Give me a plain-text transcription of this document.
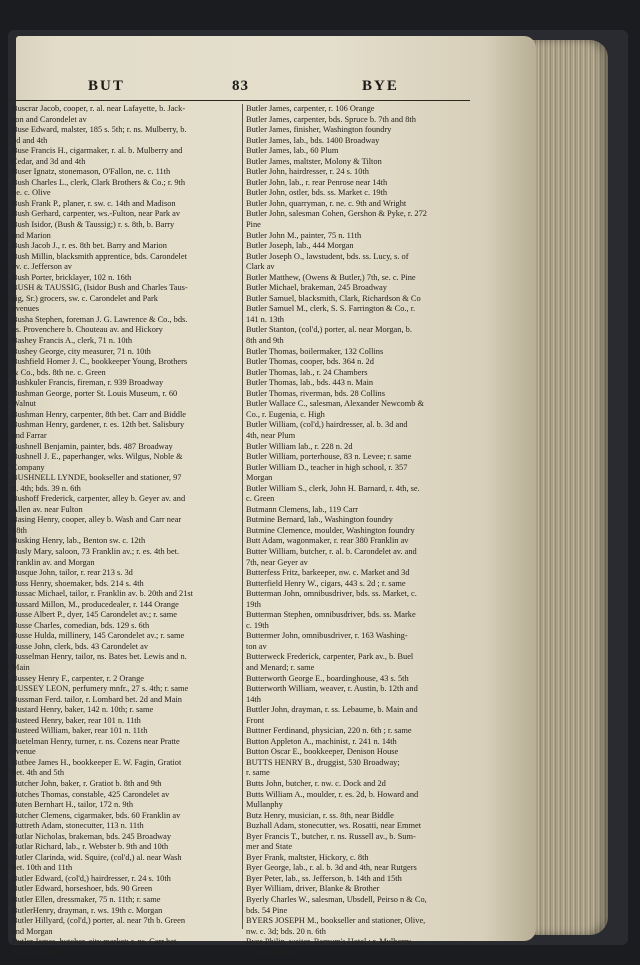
BUT	83	BYE
Buscrar Jacob, cooper, r. al. near Lafayette, b. Jack-
son and Carondelet av
Buse Edward, malster, 185 s. 5th; r. ns. Mulberry, b.
3d and 4th
Buse Francis H., cigarmaker, r. al. b. Mulberry and
Cedar, and 3d and 4th
Buser Ignatz, stonemason, O'Fallon, ne. c. 11th
Bush Charles L., clerk, Clark Brothers & Co.; r. 9th
ne. c. Olive
Bush Frank P., planer, r. sw. c. 14th and Madison
Bush Gerhard, carpenter, ws.-Fulton, near Park av
Bush Isidor, (Bush & Taussig;) r. s. 8th, b. Barry
and Marion
Bush Jacob J., r. es. 8th bet. Barry and Marion
Bush Millin, blacksmith apprentice, bds. Carondelet
av. c. Jefferson av
Bush Porter, bricklayer, 102 n. 16th
BUSH & TAUSSIG, (Isidor Bush and Charles Taus-
sig, Sr.) grocers, sw. c. Carondelet and Park
avenues
Busha Stephen, foreman J. G. Lawrence & Co., bds.
es. Provenchere b. Chouteau av. and Hickory
Bashey Francis A., clerk, 71 n. 10th
Bushey George, city measurer, 71 n. 10th
Bushfield Homer J. C., bookkeeper Young, Brothers
& Co., bds. 8th ne. c. Green
Bushkuler Francis, fireman, r. 939 Broadway
Bushman George, porter St. Louis Museum, r. 60
Walnut
Bushman Henry, carpenter, 8th bet. Carr and Biddle
Bushman Henry, gardener, r. es. 12th bet. Salisbury
and Farrar
Bushnell Benjamin, painter, bds. 487 Broadway
Bushnell J. E., paperhanger, wks. Wilgus, Noble &
Company
BUSHNELL LYNDE, bookseller and stationer, 97
n. 4th; bds. 39 n. 6th
Bushoff Frederick, carpenter, alley b. Geyer av. and
Allen av. near Fulton
Basing Henry, cooper, alley b. Wash and Carr near
18th
Busking Henry, lab., Benton sw. c. 12th
Busly Mary, saloon, 73 Franklin av.; r. es. 4th bet.
Franklin av. and Morgan
Busque John, tailor, r. rear 213 s. 3d
Buss Henry, shoemaker, bds. 214 s. 4th
Bussac Michael, tailor, r. Franklin av. b. 20th and 21st
Bussard Millon, M., producedealer, r. 144 Orange
Busse Albert P., dyer, 145 Carondelet av.; r. same
Busse Charles, comedian, bds. 129 s. 6th
Busse Hulda, millinery, 145 Carondelet av.; r. same
Busse John, clerk, bds. 43 Carondelet av
Busselman Henry, tailor, ns. Bates bet. Lewis and n.
Main
Bussey Henry F., carpenter, r. 2 Orange
BUSSEY LEON, perfumery mnfr., 27 s. 4th; r. same
Bussman Ferd. tailor, r. Lombard bet. 2d and Main
Bustard Henry, baker, 142 n. 10th; r. same
Busteed Henry, baker, rear 101 n. 11th
Busteed William, baker, rear 101 n. 11th
Buetelman Henry, turner, r. ns. Cozens near Pratte
avenue
Butbee James H., bookkeeper E. W. Fagin, Gratiot
bet. 4th and 5th
Butcher John, baker, r. Gratiot b. 8th and 9th
Butches Thomas, constable, 425 Carondelet av
Buten Bernhart H., tailor, 172 n. 9th
Butcher Clemens, cigarmaker, bds. 60 Franklin av
Buttreth Adam, stonecutter, 113 n. 11th
Butlar Nicholas, brakeman, bds. 245 Broadway
Butlar Richard, lab., r. Webster b. 9th and 10th
Butler Clarinda, wid. Squire, (col'd,) al. near Wash
bet. 10th and 11th
Butler Edward, (col'd,) hairdresser, r. 24 s. 10th
Butler Edward, horseshoer, bds. 90 Green
Butler Ellen, dressmaker, 75 n. 11th; r. same
ButlerHenry, drayman, r. ws. 19th c. Morgan
Butler Hillyard, (col'd,) porter, al. near 7th b. Green
and Morgan
Butler James, butcher, city market; r. ns. Carr bet.
23d and 24th
Butler James, carpenter, r. 106 Orange
Butler James, carpenter, bds. Spruce b. 7th and 8th
Butler James, finisher, Washington foundry
Butler James, lab., bds. 1400 Broadway
Butler James, lab., 60 Plum
Butler James, maltster, Molony & Tilton
Butler John, hairdresser, r. 24 s. 10th
Butler John, lab., r. rear Penrose near 14th
Butler John, ostler, bds. ss. Market c. 19th
Butler John, quarryman, r. ne. c. 9th and Wright
Butler John, salesman Cohen, Gershon & Pyke, r. 272
Pine
Butler John M., painter, 75 n. 11th
Butler Joseph, lab., 444 Morgan
Butler Joseph O., lawstudent, bds. ss. Lucy, s. of
Clark av
Butler Matthew, (Owens & Butler,) 7th, se. c. Pine
Butler Michael, brakeman, 245 Broadway
Butler Samuel, blacksmith, Clark, Richardson & Co
Butler Samuel M., clerk, S. S. Farrington & Co., r.
141 n. 13th
Butler Stanton, (col'd,) porter, al. near Morgan, b.
8th and 9th
Butler Thomas, boilermaker, 132 Collins
Butler Thomas, cooper, bds. 364 n. 2d
Butler Thomas, lab., r. 24 Chambers
Butler Thomas, lab., bds. 443 n. Main
Butler Thomas, riverman, bds. 28 Collins
Butler Wallace C., salesman, Alexander Newcomb &
Co., r. Eugenia, c. High
Butler William, (col'd,) hairdresser, al. b. 3d and
4th, near Plum
Butler William lab., r. 228 n. 2d
Butler William, porterhouse, 83 n. Levee; r. same
Butler William D., teacher in high school, r. 357
Morgan
Butler William S., clerk, John H. Barnard, r. 4th, se.
c. Green
Butmann Clemens, lab., 119 Carr
Butmine Bernard, lab., Washington foundry
Butmine Clemence, moulder, Washington foundry
Butt Adam, wagonmaker, r. rear 380 Franklin av
Butter William, butcher, r. al. b. Carondelet av. and
7th, near Geyer av
Butterfess Fritz, barkeeper, nw. c. Market and 3d
Butterfield Henry W., cigars, 443 s. 2d ; r. same
Butterman John, omnibusdriver, bds. ss. Market, c.
19th
Butterman Stephen, omnibusdriver, bds. ss. Marke
c. 19th
Buttermer John, omnibusdriver, r. 163 Washing-
ton av
Butterweck Frederick, carpenter, Park av., b. Buel
and Menard; r. same
Butterworth George E., boardinghouse, 43 s. 5th
Butterworth William, weaver, r. Austin, b. 12th and
14th
Buttler John, drayman, r. ss. Lebaume, b. Main and
Front
Buttner Ferdinand, physician, 220 n. 6th ; r. same
Button Appleton A., machinist, r. 241 n. 14th
Button Oscar E., bookkeeper, Denison House
BUTTS HENRY B., druggist, 530 Broadway;
r. same
Butts John, butcher, r. nw. c. Dock and 2d
Butts William A., moulder, r. es. 2d, b. Howard and
Mullanphy
Butz Henry, musician, r. ss. 8th, near Biddle
Buzhall Adam, stonecutter, ws. Rosatti, near Emmet
Byer Francis T., butcher, r. ns. Russell av., b. Sum-
mer and State
Byer Frank, maltster, Hickory, c. 8th
Byer George, lab., r. al. b. 3d and 4th, near Rutgers
Byer Peter, lab., ss. Jefferson, b. 14th and 15th
Byer William, driver, Blanke & Brother
Byerly Charles W., salesman, Ubsdell, Peirso n & Co,
bds. 54 Pine
BYERS JOSEPH M., bookseller and stationer, Olive,
nw. c. 3d; bds. 20 n. 6th
Byes Philip, waiter, Barnum's Hotel ; r. Mulberry,
b. 2d and Main
